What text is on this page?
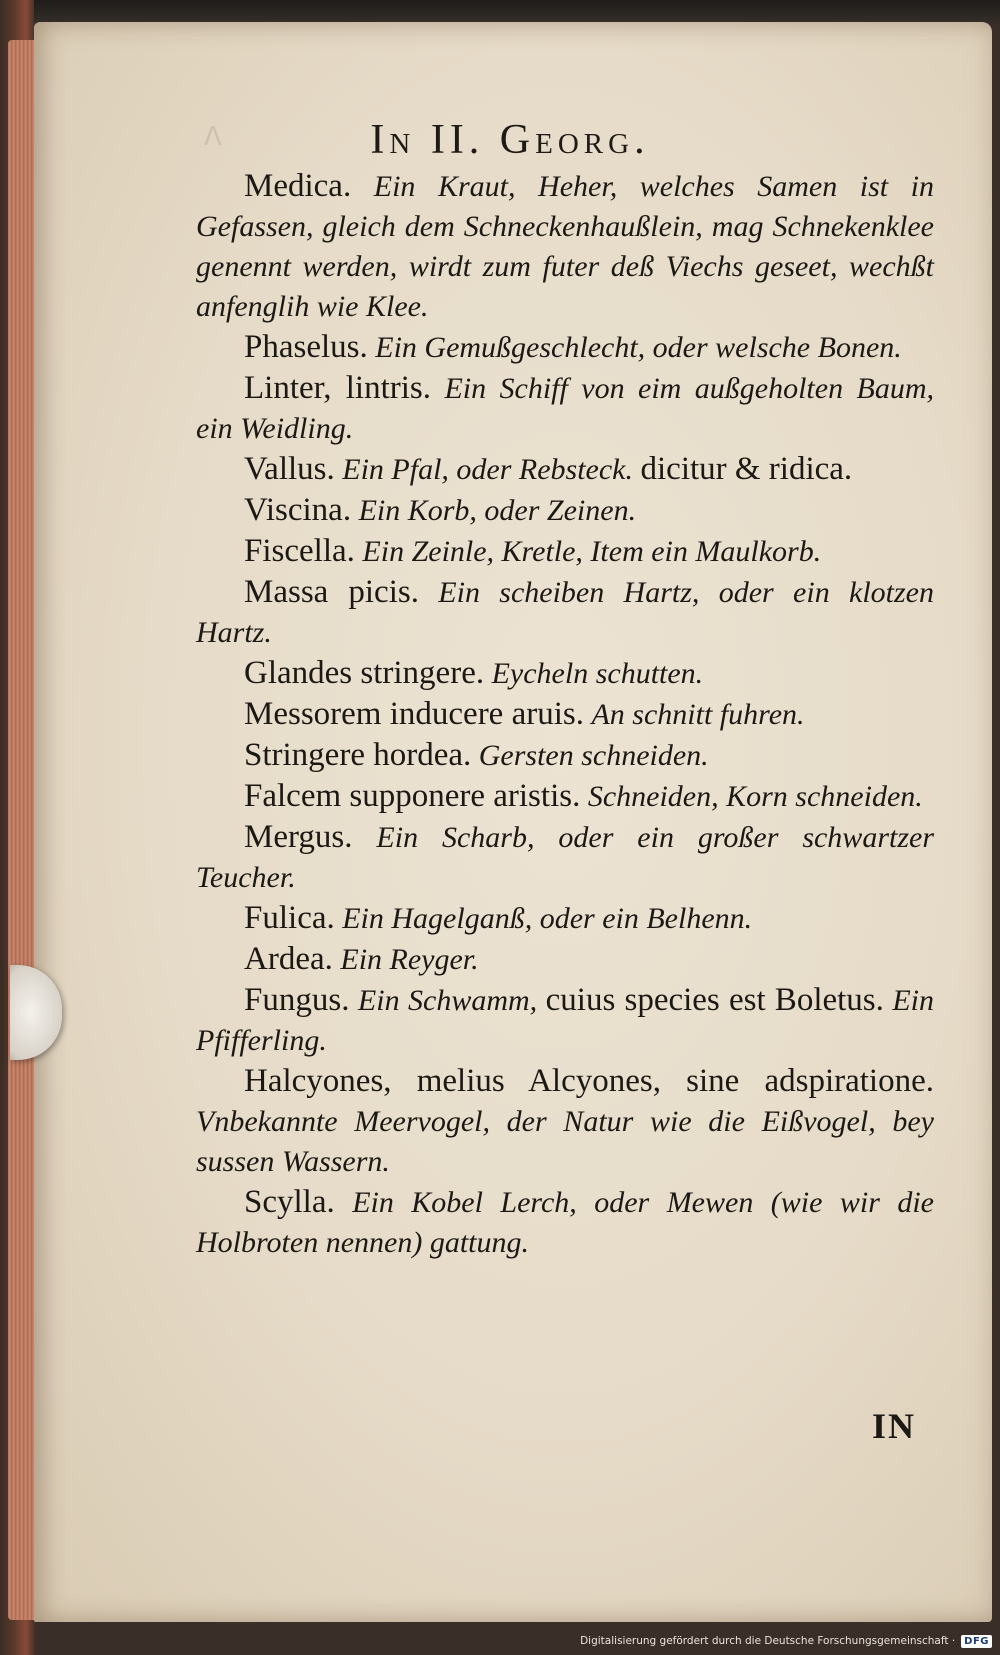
ᐱ	In II. Georg.

Medica. Ein Kraut, Heher, welches Samen ist in Gefassen, gleich dem Schneckenhaußlein, mag Schnekenklee genennt werden, wirdt zum futer deß Viechs geseet, wechßt anfenglih wie Klee.

Phaselus. Ein Gemußgeschlecht, oder welsche Bonen.

Linter, lintris. Ein Schiff von eim außgeholten Baum, ein Weidling.

Vallus. Ein Pfal, oder Rebsteck. dicitur & ridica.

Viscina. Ein Korb, oder Zeinen.

Fiscella. Ein Zeinle, Kretle, Item ein Maulkorb.

Massa picis. Ein scheiben Hartz, oder ein klotzen Hartz.

Glandes stringere. Eycheln schutten.

Messorem inducere aruis. An schnitt fuhren.

Stringere hordea. Gersten schneiden.

Falcem supponere aristis. Schneiden, Korn schneiden.

Mergus. Ein Scharb, oder ein großer schwartzer Teucher.

Fulica. Ein Hagelganß, oder ein Belhenn.

Ardea. Ein Reyger.

Fungus. Ein Schwamm, cuius species est Boletus. Ein Pfifferling.

Halcyones, melius Alcyones, sine adspiratione. Vnbekannte Meervogel, der Natur wie die Eißvogel, bey sussen Wassern.

Scylla. Ein Kobel Lerch, oder Mewen (wie wir die Holbroten nennen) gattung.

IN
Digitalisierung gefördert durch die Deutsche Forschungsgemeinschaft · DFG
